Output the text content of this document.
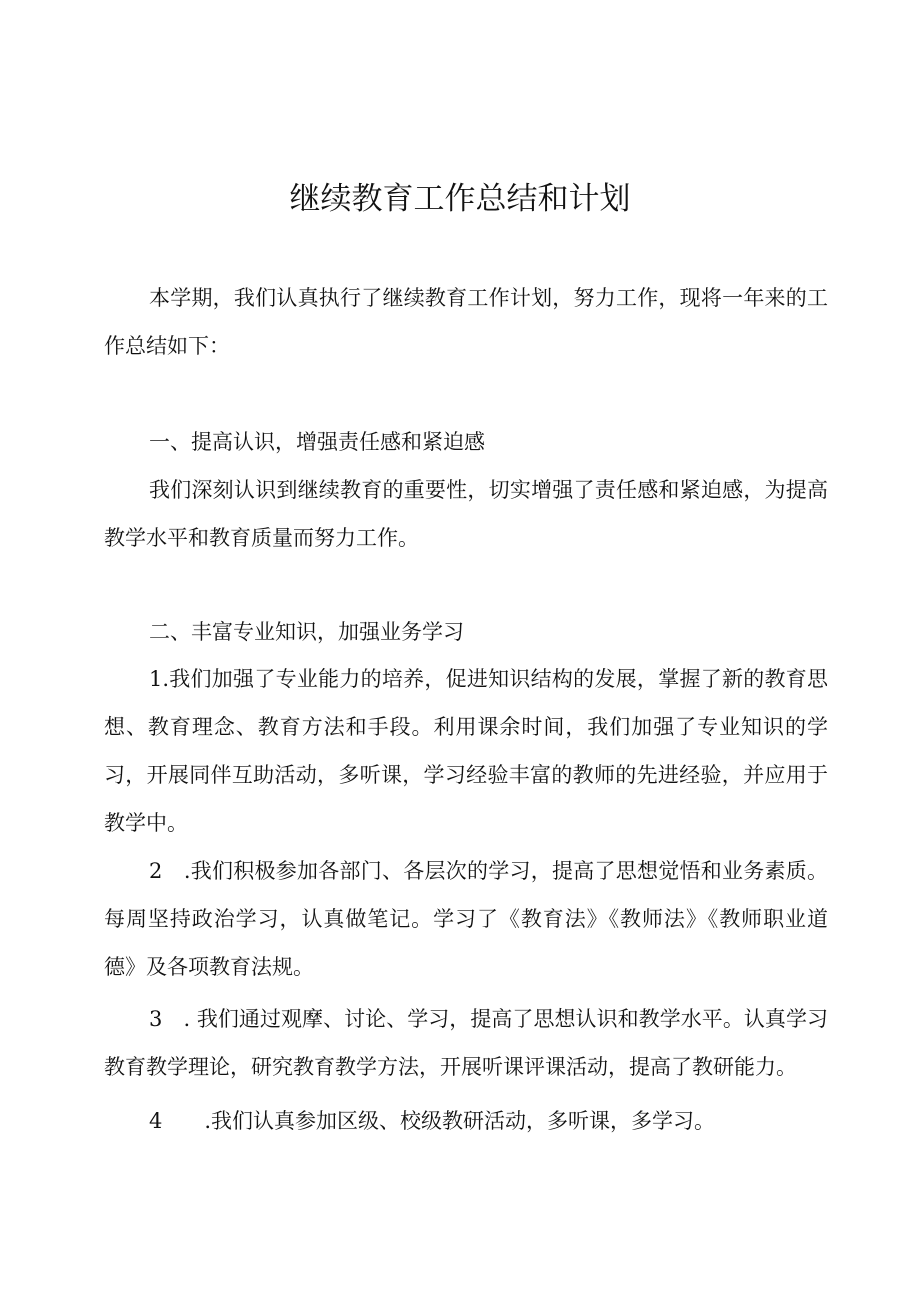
继续教育工作总结和计划
本学期，我们认真执行了继续教育工作计划，努力工作，现将一年来的工作总结如下：
一、提高认识，增强责任感和紧迫感
我们深刻认识到继续教育的重要性，切实增强了责任感和紧迫感，为提高教学水平和教育质量而努力工作。
二、丰富专业知识，加强业务学习
1.我们加强了专业能力的培养，促进知识结构的发展，掌握了新的教育思想、教育理念、教育方法和手段。利用课余时间，我们加强了专业知识的学习，开展同伴互助活动，多听课，学习经验丰富的教师的先进经验，并应用于教学中。
2　.我们积极参加各部门、各层次的学习，提高了思想觉悟和业务素质。每周坚持政治学习，认真做笔记。学习了《教育法》《教师法》《教师职业道德》及各项教育法规。
3　. 我们通过观摩、讨论、学习，提高了思想认识和教学水平。认真学习教育教学理论，研究教育教学方法，开展听课评课活动，提高了教研能力。
4 .我们认真参加区级、校级教研活动，多听课，多学习。
